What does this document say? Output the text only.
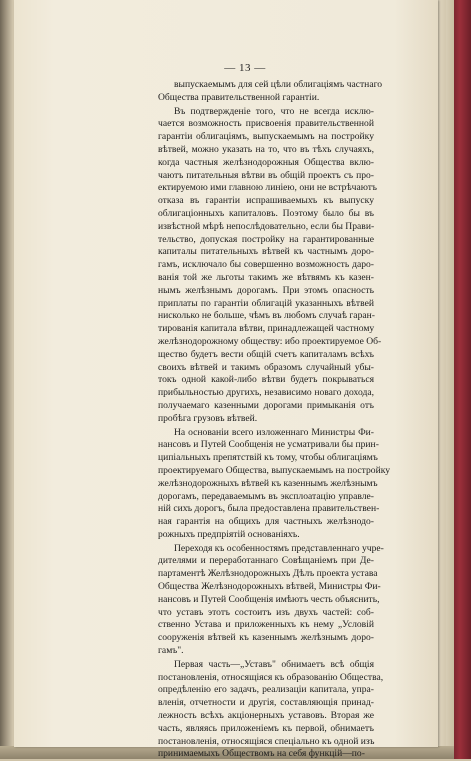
— 13 —
выпускаемымъ для сей цѣли облигацiямъ частнаго
Общества правительственной гарантiи.
Въ подтвержденiе того, что не всегда исклю-
чается возможность присвоенiя правительственной
гарантiи облигацiямъ, выпускаемымъ на постройку
вѣтвей, можно указать на то, что въ тѣхъ случаяхъ,
когда частныя желѣзнодорожныя Общества вклю-
чаютъ питательныя вѣтви въ общiй проектъ съ про-
ектируемою ими главною линiею, они не встрѣчаютъ
отказа въ гарантiи испрашиваемыхъ къ выпуску
облигацiонныхъ капиталовъ. Поэтому было бы въ
извѣстной мѣрѣ непослѣдовательно, если бы Прави-
тельство, допуская постройку на гарантированные
капиталы питательныхъ вѣтвей къ частнымъ доро-
гамъ, исключало бы совершенно возможность даро-
ванiя той же льготы такимъ же вѣтвямъ къ казен-
нымъ желѣзнымъ дорогамъ. При этомъ опасность
приплаты по гарантiи облигацiй указанныхъ вѣтвей
нисколько не больше, чѣмъ въ любомъ случаѣ гаран-
тированiя капитала вѣтви, принадлежащей частному
желѣзнодорожному обществу: ибо проектируемое Об-
щество будетъ вести общiй счетъ капиталамъ всѣхъ
своихъ вѣтвей и такимъ образомъ случайный убы-
токъ одной какой-либо вѣтви будетъ покрываться
прибыльностью другихъ, независимо новаго дохода,
получаемаго казенными дорогами примыканiя отъ
пробѣга грузовъ вѣтвей.
На основанiи всего изложеннаго Министры Фи-
нансовъ и Путей Сообщенiя не усматривали бы прин-
ципiальныхъ препятствiй къ тому, чтобы облигацiямъ
проектируемаго Общества, выпускаемымъ на постройку
желѣзнодорожныхъ вѣтвей къ казеннымъ желѣзнымъ
дорогамъ, передаваемымъ въ эксплоатацiю управле-
нiй сихъ дорогъ, была предоставлена правительствен-
ная гарантiя на общихъ для частныхъ желѣзнодо-
рожныхъ предпрiятiй основанiяхъ.
Переходя къ особенностямъ представленнаго учре-
дителями и переработаннаго Совѣщанiемъ при Де-
партаментѣ Желѣзнодорожныхъ Дѣлъ проекта устава
Общества Желѣзнодорожныхъ вѣтвей, Министры Фи-
нансовъ и Путей Сообщенiя имѣютъ честь объяснить,
что уставъ этотъ состоитъ изъ двухъ частей: соб-
ственно Устава и приложенныхъ къ нему „Условiй
сооруженiя вѣтвей къ казеннымъ желѣзнымъ доро-
гамъ".
Первая часть—„Уставъ" обнимаетъ всѣ общiя
постановленiя, относящiяся къ образованiю Общества,
опредѣленiю его задачъ, реализацiи капитала, упра-
вленiя, отчетности и другiя, составляющiя принад-
лежность всѣхъ акцiонерныхъ уставовъ. Вторая же
часть, являясь приложенiемъ къ первой, обнимаетъ
постановленiя, относящiяся спецiально къ одной изъ
принимаемыхъ Обществомъ на себя функцiй—по-
